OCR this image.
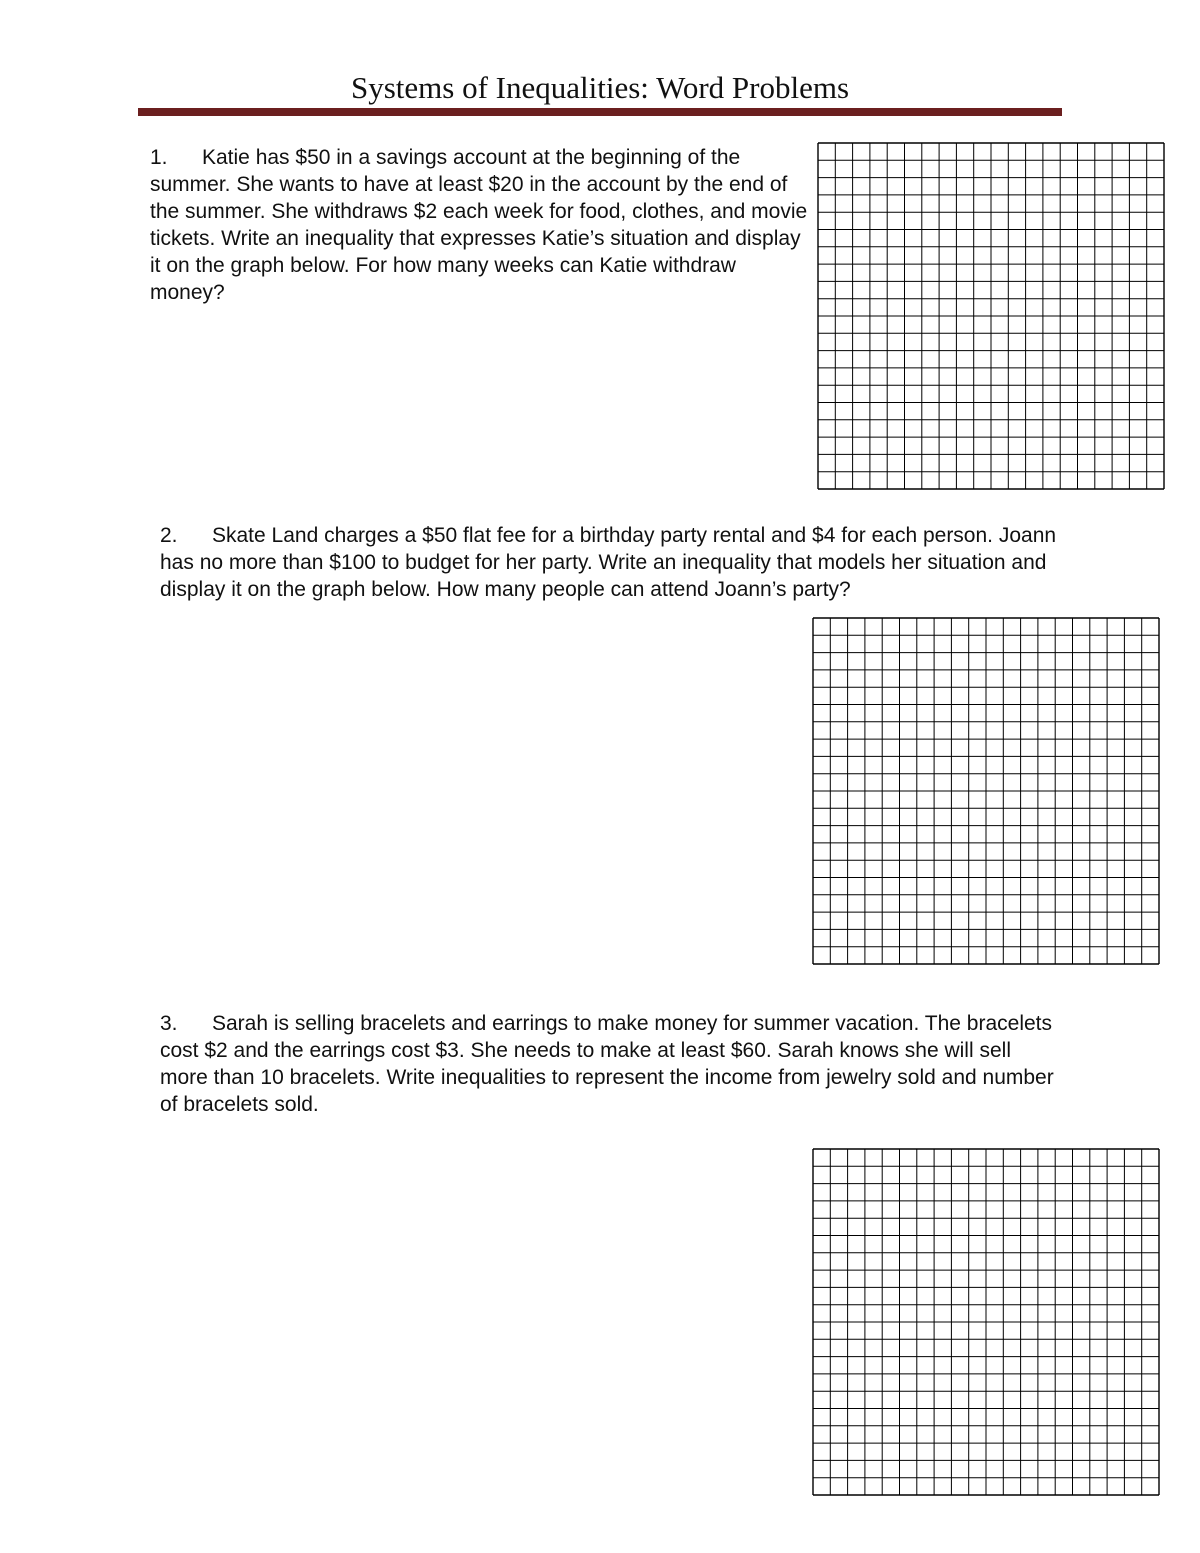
Systems of Inequalities: Word Problems

1. Katie has $50 in a savings account at the beginning of the summer. She wants to have at least $20 in the account by the end of the summer. She withdraws $2 each week for food, clothes, and movie tickets. Write an inequality that expresses Katie’s situation and display it on the graph below. For how many weeks can Katie withdraw money?

2. Skate Land charges a $50 flat fee for a birthday party rental and $4 for each person. Joann has no more than $100 to budget for her party. Write an inequality that models her situation and display it on the graph below. How many people can attend Joann’s party?

3. Sarah is selling bracelets and earrings to make money for summer vacation. The bracelets cost $2 and the earrings cost $3. She needs to make at least $60. Sarah knows she will sell more than 10 bracelets. Write inequalities to represent the income from jewelry sold and number of bracelets sold.
